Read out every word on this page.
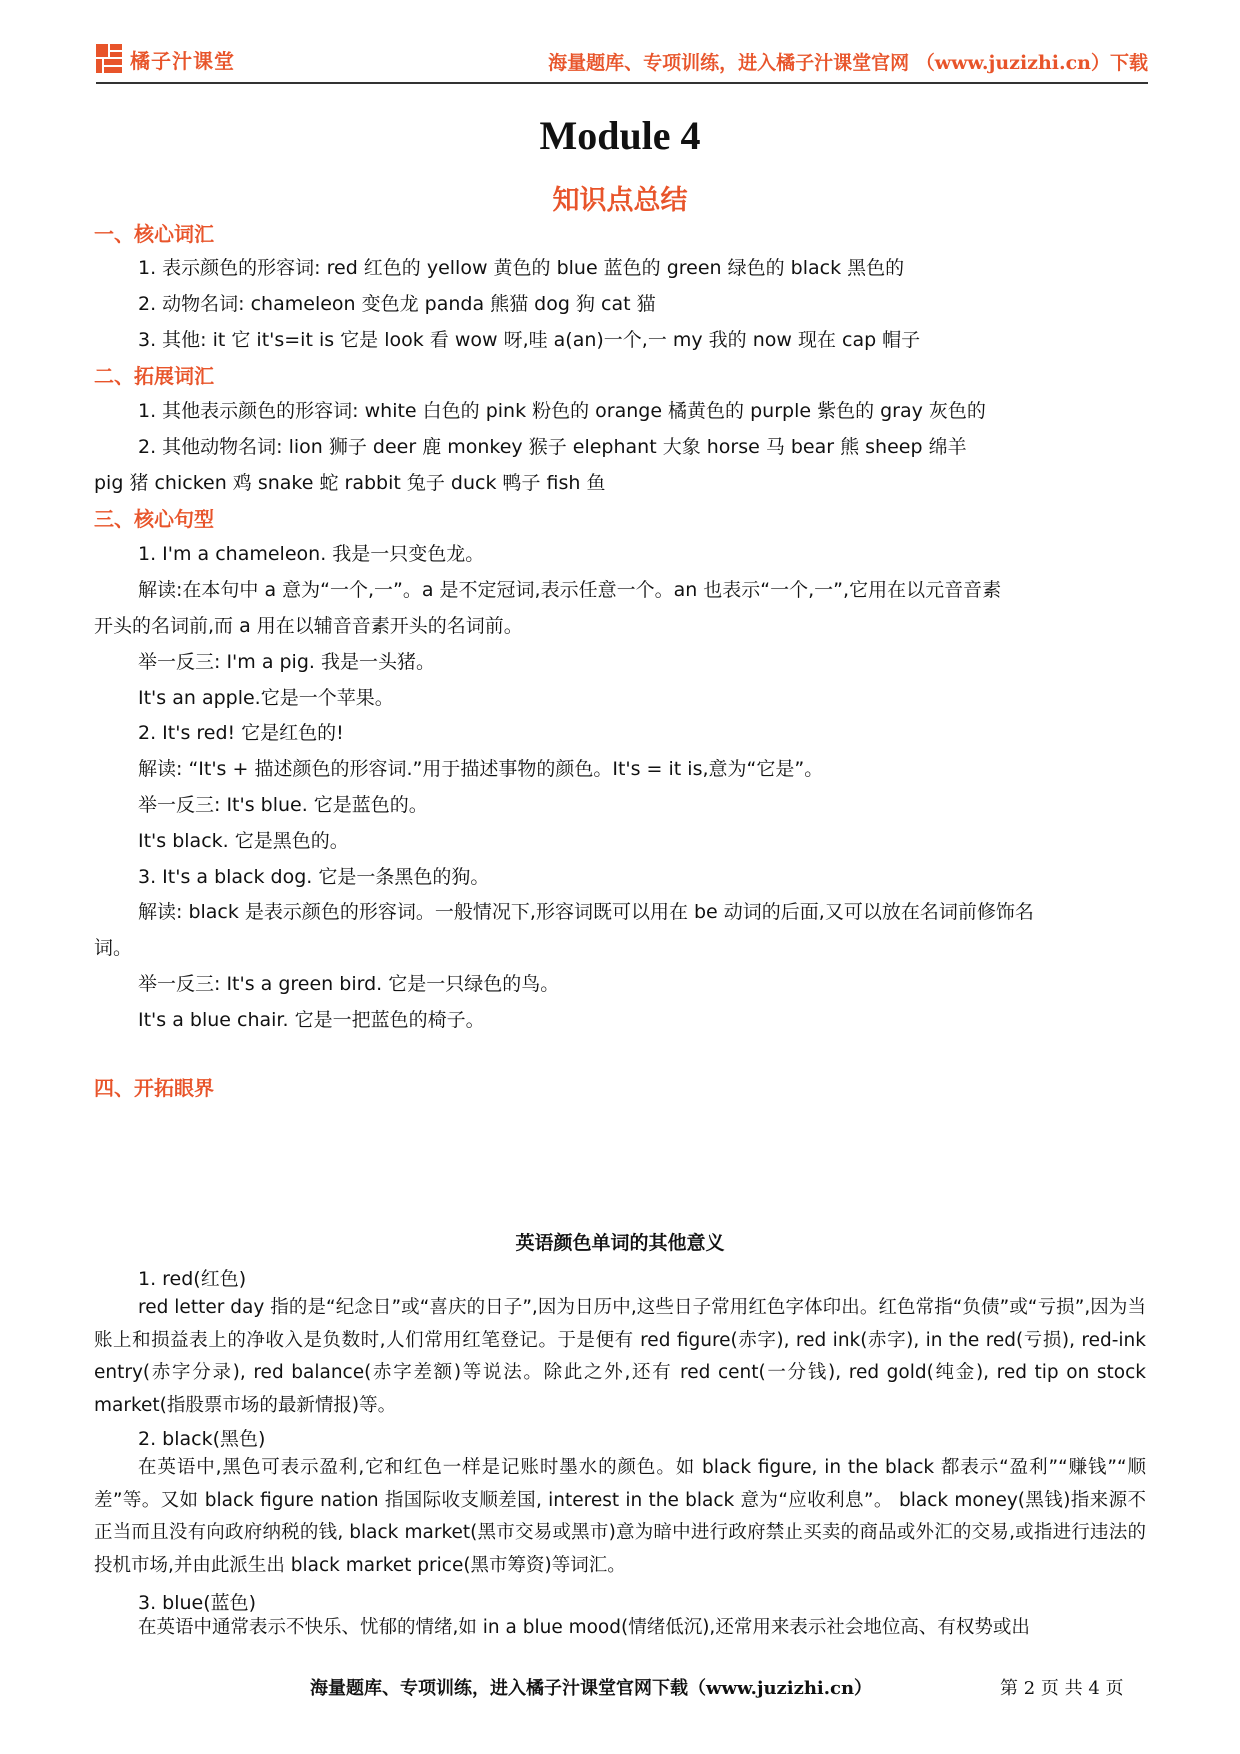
橘子汁课堂	海量题库、专项训练，进入橘子汁课堂官网 （www.juzizhi.cn）下载
Module 4
知识点总结
一、核心词汇
1. 表示颜色的形容词: red 红色的 yellow 黄色的 blue 蓝色的 green 绿色的 black 黑色的
2. 动物名词: chameleon 变色龙 panda 熊猫 dog 狗 cat 猫
3. 其他: it 它 it's=it is 它是 look 看 wow 呀,哇 a(an)一个,一 my 我的 now 现在 cap 帽子
二、拓展词汇
1. 其他表示颜色的形容词: white 白色的 pink 粉色的 orange 橘黄色的 purple 紫色的 gray 灰色的
2. 其他动物名词: lion 狮子 deer 鹿 monkey 猴子 elephant 大象 horse 马 bear 熊 sheep 绵羊
pig 猪 chicken 鸡 snake 蛇 rabbit 兔子 duck 鸭子 fish 鱼
三、核心句型
1. I'm a chameleon. 我是一只变色龙。
解读:在本句中 a 意为“一个,一”。a 是不定冠词,表示任意一个。an 也表示“一个,一”,它用在以元音音素
开头的名词前,而 a 用在以辅音音素开头的名词前。
举一反三: I'm a pig. 我是一头猪。
It's an apple.它是一个苹果。
2. It's red! 它是红色的!
解读: “It's + 描述颜色的形容词.”用于描述事物的颜色。It's = it is,意为“它是”。
举一反三: It's blue. 它是蓝色的。
It's black. 它是黑色的。
3. It's a black dog. 它是一条黑色的狗。
解读: black 是表示颜色的形容词。一般情况下,形容词既可以用在 be 动词的后面,又可以放在名词前修饰名
词。
举一反三: It's a green bird. 它是一只绿色的鸟。
It's a blue chair. 它是一把蓝色的椅子。
四、开拓眼界
英语颜色单词的其他意义
1. red(红色)
red letter day 指的是“纪念日”或“喜庆的日子”,因为日历中,这些日子常用红色字体印出。红色常指“负债”或“亏损”,因为当账上和损益表上的净收入是负数时,人们常用红笔登记。于是便有 red figure(赤字), red ink(赤字), in the red(亏损), red-ink entry(赤字分录), red balance(赤字差额)等说法。除此之外,还有 red cent(一分钱), red gold(纯金), red tip on stock market(指股票市场的最新情报)等。
2. black(黑色)
在英语中,黑色可表示盈利,它和红色一样是记账时墨水的颜色。如 black figure, in the black 都表示“盈利”“赚钱”“顺差”等。又如 black figure nation 指国际收支顺差国, interest in the black 意为“应收利息”。 black money(黑钱)指来源不正当而且没有向政府纳税的钱, black market(黑市交易或黑市)意为暗中进行政府禁止买卖的商品或外汇的交易,或指进行违法的投机市场,并由此派生出 black market price(黑市筹资)等词汇。
3. blue(蓝色)
在英语中通常表示不快乐、忧郁的情绪,如 in a blue mood(情绪低沉),还常用来表示社会地位高、有权势或出
海量题库、专项训练，进入橘子汁课堂官网下载（www.juzizhi.cn）	第 2 页 共 4 页
